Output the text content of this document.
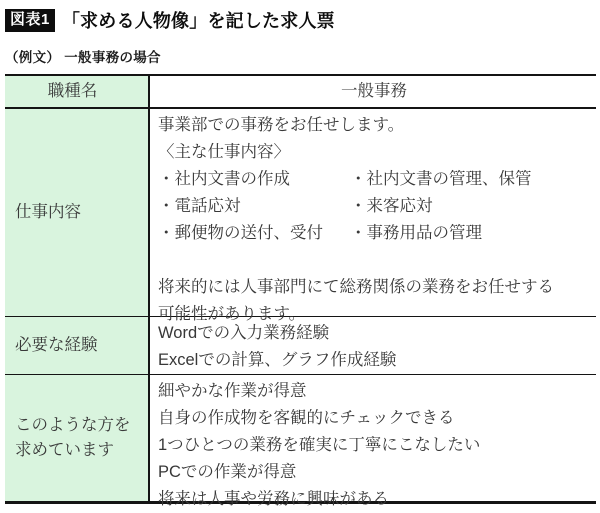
図表1 「求める人物像」を記した求人票
（例文） 一般事務の場合
職種名	一般事務
仕事内容
事業部での事務をお任せします。
〈主な仕事内容〉
・社内文書の作成
・電話応対
・郵便物の送付、受付
・社内文書の管理、保管
・来客応対
・事務用品の管理
将来的には人事部門にて総務関係の業務をお任せする
可能性があります。
必要な経験
Wordでの入力業務経験
Excelでの計算、グラフ作成経験
このような方を求めています
細やかな作業が得意
自身の作成物を客観的にチェックできる
1つひとつの業務を確実に丁寧にこなしたい
PCでの作業が得意
将来は人事や労務に興味がある
